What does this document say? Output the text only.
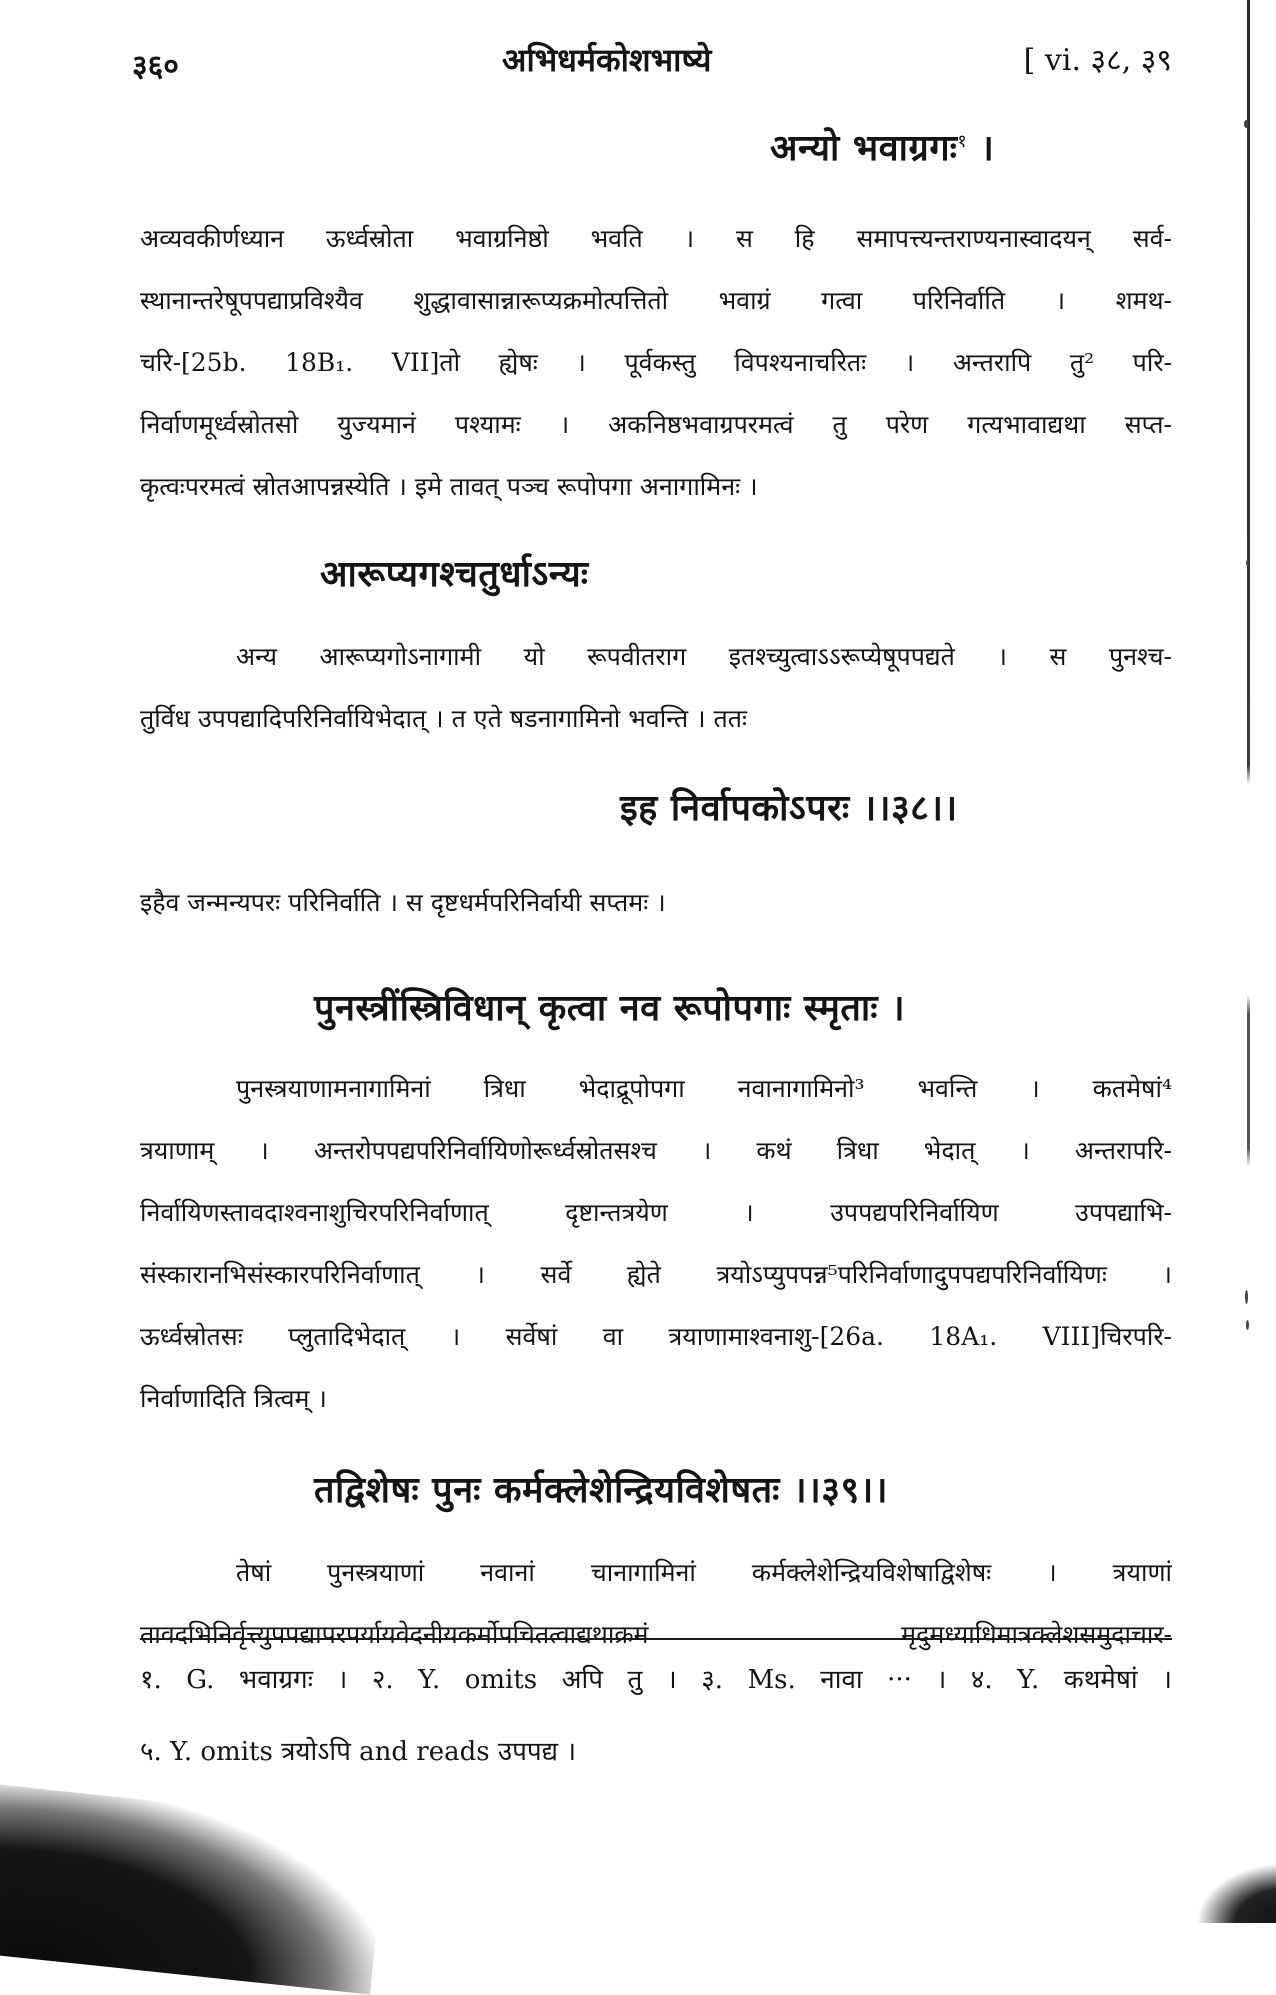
३६०	अभिधर्मकोशभाष्ये	[ vi. ३८, ३९
अन्यो भवाग्रगः$^१$ ।
अव्यवकीर्णध्यान ऊर्ध्वस्रोता भवाग्रनिष्ठो भवति । स हि समापत्त्यन्तराण्यनास्वादयन् सर्व-
स्थानान्तरेषूपपद्याप्रविश्यैव शुद्धावासान्नारूप्यक्रमोत्पत्तितो भवाग्रं गत्वा परिनिर्वाति । शमथ-
चरि-[25b. 18B₁. VII]तो ह्येषः । पूर्वकस्तु विपश्यनाचरितः । अन्तरापि तु² परि-
निर्वाणमूर्ध्वस्रोतसो युज्यमानं पश्यामः । अकनिष्ठभवाग्रपरमत्वं तु परेण गत्यभावाद्यथा सप्त-
कृत्वःपरमत्वं स्रोतआपन्नस्येति । इमे तावत् पञ्च रूपोपगा अनागामिनः ।
आरूप्यगश्चतुर्धाऽन्यः
अन्य आरूप्यगोऽनागामी यो रूपवीतराग इतश्च्युत्वाऽऽरूप्येषूपपद्यते । स पुनश्च-
तुर्विध उपपद्यादिपरिनिर्वायिभेदात् । त एते षडनागामिनो भवन्ति । ततः
इह निर्वापकोऽपरः ।।३८।।
इहैव जन्मन्यपरः परिनिर्वाति । स दृष्टधर्मपरिनिर्वायी सप्तमः ।
पुनस्त्रींस्त्रिविधान् कृत्वा नव रूपोपगाः स्मृताः ।
पुनस्त्रयाणामनागामिनां त्रिधा भेदाद्रूपोपगा नवानागामिनो³ भवन्ति । कतमेषां⁴
त्रयाणाम् । अन्तरोपपद्यपरिनिर्वायिणोरूर्ध्वस्रोतसश्च । कथं त्रिधा भेदात् । अन्तरापरि-
निर्वायिणस्तावदाश्वनाशुचिरपरिनिर्वाणात् दृष्टान्तत्रयेण । उपपद्यपरिनिर्वायिण उपपद्याभि-
संस्कारानभिसंस्कारपरिनिर्वाणात् । सर्वे ह्येते त्रयोऽप्युपपन्न⁵परिनिर्वाणादुपपद्यपरिनिर्वायिणः ।
ऊर्ध्वस्रोतसः प्लुतादिभेदात् । सर्वेषां वा त्रयाणामाश्वनाशु-[26a. 18A₁. VIII]चिरपरि-
निर्वाणादिति त्रित्वम् ।
तद्विशेषः पुनः कर्मक्लेशेन्द्रियविशेषतः ।।३९।।
तेषां पुनस्त्रयाणां नवानां चानागामिनां कर्मक्लेशेन्द्रियविशेषाद्विशेषः । त्रयाणां
तावदभिनिर्वृत्त्युपपद्यापरपर्यायवेदनीयकर्मोपचितत्वाद्यथाक्रमं मृदुमध्याधिमात्रक्लेशसमुदाचार-
१. G. भवाग्रगः । २. Y. omits अपि तु । ३. Ms. नावा ··· । ४. Y. कथमेषां ।
५. Y. omits त्रयोऽपि and reads उपपद्य ।
